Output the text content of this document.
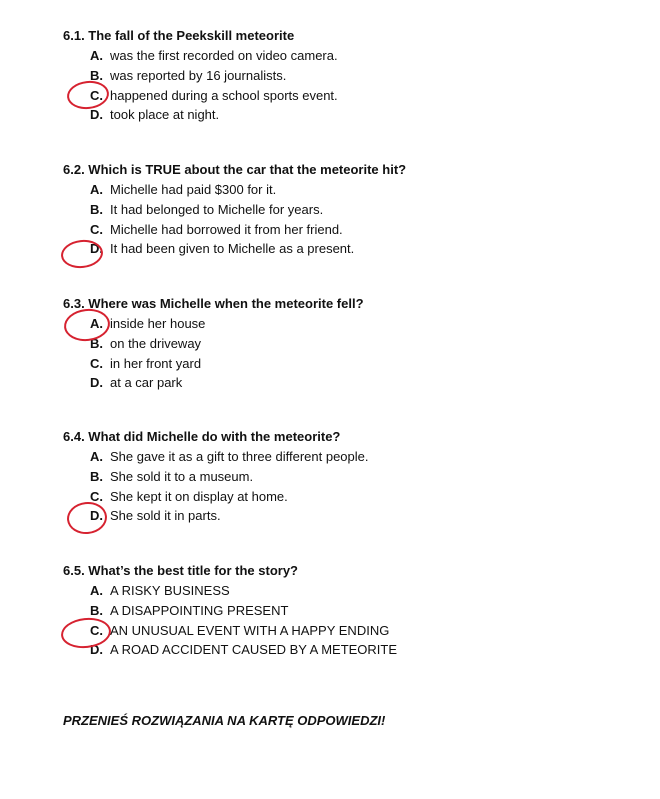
6.1. The fall of the Peekskill meteorite
A. was the first recorded on video camera.
B. was reported by 16 journalists.
C. happened during a school sports event.
D. took place at night.
6.2. Which is TRUE about the car that the meteorite hit?
A. Michelle had paid $300 for it.
B. It had belonged to Michelle for years.
C. Michelle had borrowed it from her friend.
D. It had been given to Michelle as a present.
6.3. Where was Michelle when the meteorite fell?
A. inside her house
B. on the driveway
C. in her front yard
D. at a car park
6.4. What did Michelle do with the meteorite?
A. She gave it as a gift to three different people.
B. She sold it to a museum.
C. She kept it on display at home.
D. She sold it in parts.
6.5. What’s the best title for the story?
A. A RISKY BUSINESS
B. A DISAPPOINTING PRESENT
C. AN UNUSUAL EVENT WITH A HAPPY ENDING
D. A ROAD ACCIDENT CAUSED BY A METEORITE
PRZENIEŚ ROZWIĄZANIA NA KARTĘ ODPOWIEDZI!
